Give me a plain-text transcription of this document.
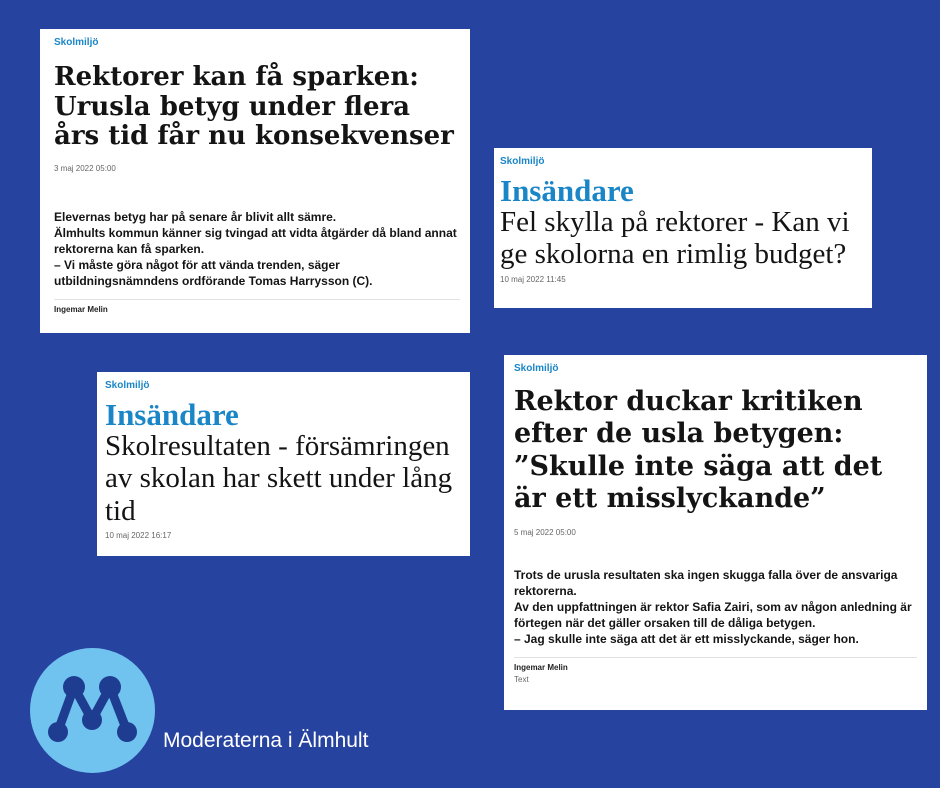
Skolmiljö
Rektorer kan få sparken: Urusla betyg under flera års tid får nu konsekvenser
3 maj 2022 05:00

Elevernas betyg har på senare år blivit allt sämre.
Älmhults kommun känner sig tvingad att vidta åtgärder då bland annat rektorerna kan få sparken.
– Vi måste göra något för att vända trenden, säger utbildningsnämndens ordförande Tomas Harrysson (C).

Ingemar Melin
Skolmiljö
Insändare
Fel skylla på rektorer - Kan vi ge skolorna en rimlig budget?
10 maj 2022 11:45
Skolmiljö
Insändare
Skolresultaten - försämringen av skolan har skett under lång tid
10 maj 2022 16:17
Skolmiljö
Rektor duckar kritiken efter de usla betygen: ”Skulle inte säga att det är ett misslyckande”
5 maj 2022 05:00

Trots de urusla resultaten ska ingen skugga falla över de ansvariga rektorerna.
Av den uppfattningen är rektor Safia Zairi, som av någon anledning är förtegen när det gäller orsaken till de dåliga betygen.
– Jag skulle inte säga att det är ett misslyckande, säger hon.

Ingemar Melin
Text
Moderaterna i Älmhult
